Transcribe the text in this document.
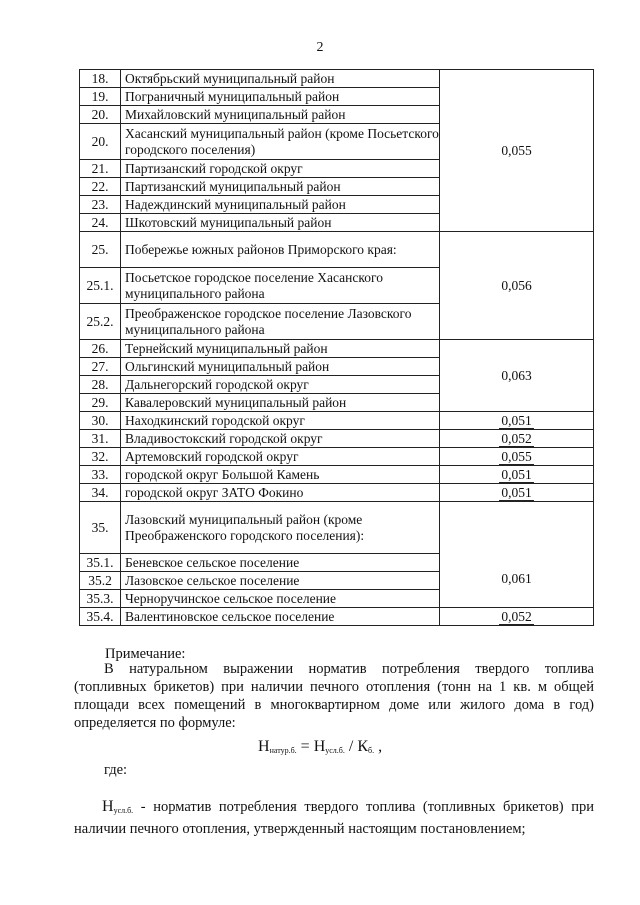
2
18.	Октябрьский муниципальный район	0,055
19.	Пограничный муниципальный район	
20.	Михайловский муниципальный район	
20.	Хасанский муниципальный район (кроме Посьетского городского поселения)	
21.	Партизанский городской округ	
22.	Партизанский муниципальный район	
23.	Надеждинский муниципальный район	
24.	Шкотовский муниципальный район	
25.	Побережье южных районов Приморского края:	0,056
25.1.	Посьетское городское поселение Хасанского муниципального района	
25.2.	Преображенское городское поселение Лазовского муниципального района	
26.	Тернейский муниципальный район	0,063
27.	Ольгинский муниципальный район	
28.	Дальнегорский городской округ	
29.	Кавалеровский муниципальный район	
30.	Находкинский городской округ	0,051
31.	Владивостокский городской округ	0,052
32.	Артемовский городской округ	0,055
33.	городской округ Большой Камень	0,051
34.	городской округ ЗАТО Фокино	0,051
35.	Лазовский муниципальный район (кроме Преображенского городского поселения):	0,061
35.1.	Беневское сельское поселение	
35.2	Лазовское сельское поселение	
35.3.	Черноручинское сельское поселение	
35.4.	Валентиновское сельское поселение	0,052
Примечание:
В натуральном выражении норматив потребления твердого топлива (топливных брикетов) при наличии печного отопления (тонн на 1 кв. м общей площади всех помещений в многоквартирном доме или жилого дома в год) определяется по формуле:
$Н_{натур.б.} = Н_{усл.б.} / К_{б.}$ ,
где:
$Н_{усл.б.}$ - норматив потребления твердого топлива (топливных брикетов) при наличии печного отопления, утвержденный настоящим постановлением;
